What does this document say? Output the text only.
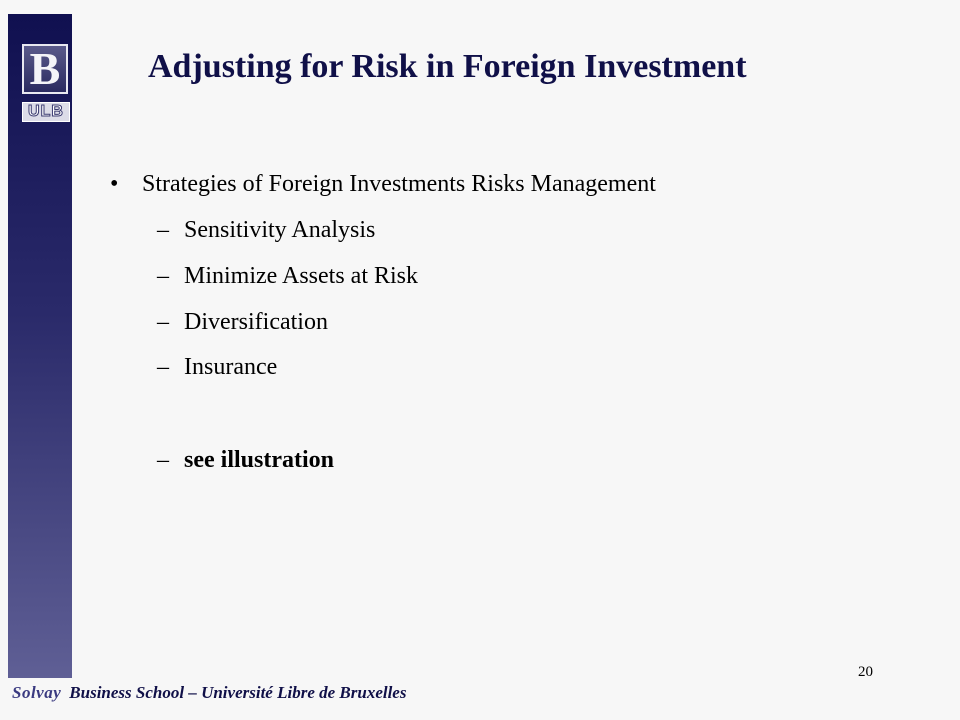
B
ULB
Adjusting for Risk in Foreign Investment
• Strategies of Foreign Investments Risks Management
– Sensitivity Analysis
– Minimize Assets at Risk
– Diversification
– Insurance
– see illustration
20
Solvay Business School – Université Libre de Bruxelles
